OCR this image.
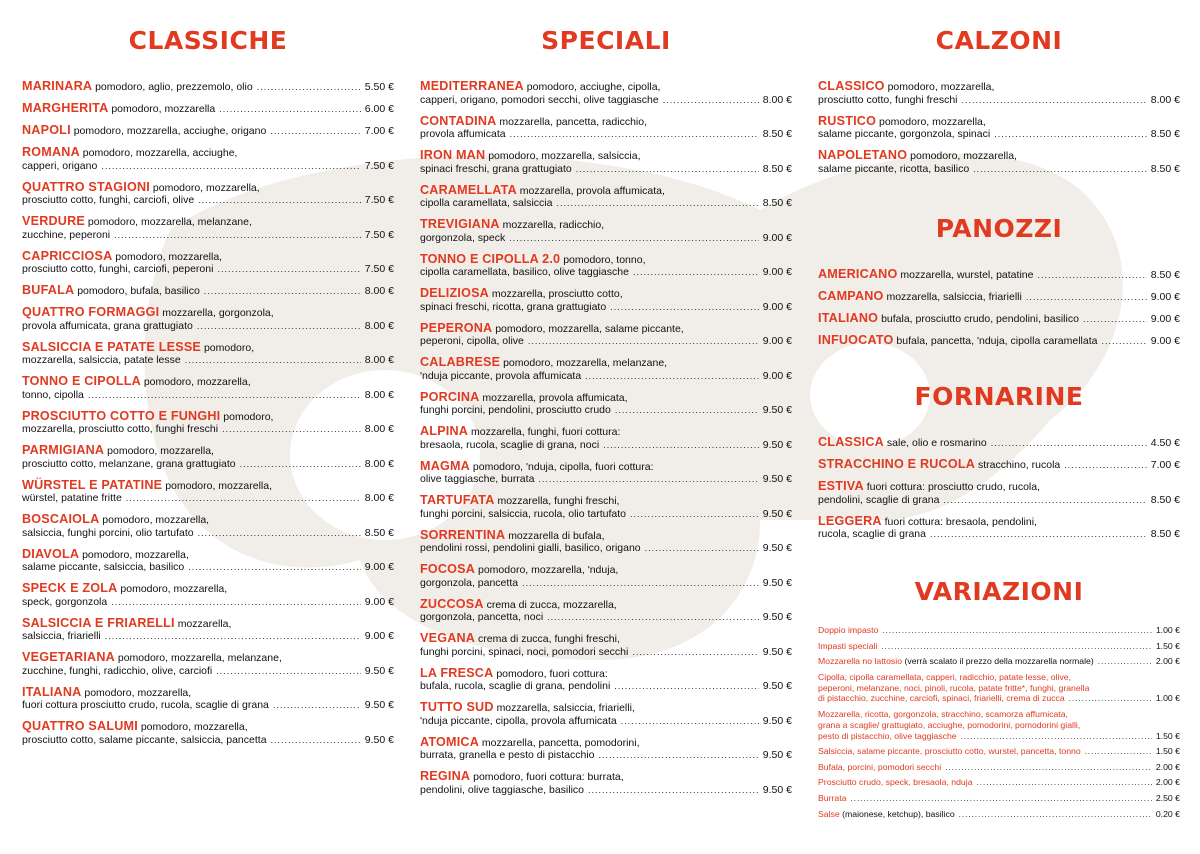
CLASSICHE
MARINARA
pomodoro, aglio, prezzemolo, olio .....	5.50 €
MARGHERITA
pomodoro, mozzarella .....	6.00 €
NAPOLI
pomodoro, mozzarella, acciughe, origano .....	7.00 €
ROMANA pomodoro, mozzarella, acciughe,
capperi, origano .....	7.50 €
QUATTRO STAGIONI pomodoro, mozzarella,
prosciutto cotto, funghi, carciofi, olive .....	7.50 €
VERDURE pomodoro, mozzarella, melanzane,
zucchine, peperoni .....	7.50 €
CAPRICCIOSA pomodoro, mozzarella,
prosciutto cotto, funghi, carciofi, peperoni .....	7.50 €
BUFALA
pomodoro, bufala, basilico .....	8.00 €
QUATTRO FORMAGGI mozzarella, gorgonzola,
provola affumicata, grana grattugiato .....	8.00 €
SALSICCIA E PATATE LESSE pomodoro,
mozzarella, salsiccia, patate lesse .....	8.00 €
TONNO E CIPOLLA pomodoro, mozzarella,
tonno, cipolla .....	8.00 €
PROSCIUTTO COTTO E FUNGHI pomodoro,
mozzarella, prosciutto cotto, funghi freschi .....	8.00 €
PARMIGIANA pomodoro, mozzarella,
prosciutto cotto, melanzane, grana grattugiato .....	8.00 €
WÜRSTEL E PATATINE pomodoro, mozzarella,
würstel, patatine fritte .....	8.00 €
BOSCAIOLA pomodoro, mozzarella,
salsiccia, funghi porcini, olio tartufato .....	8.50 €
DIAVOLA pomodoro, mozzarella,
salame piccante, salsiccia, basilico .....	9.00 €
SPECK E ZOLA pomodoro, mozzarella,
speck, gorgonzola .....	9.00 €
SALSICCIA E FRIARELLI mozzarella,
salsiccia, friarielli .....	9.00 €
VEGETARIANA pomodoro, mozzarella, melanzane,
zucchine, funghi, radicchio, olive, carciofi .....	9.50 €
ITALIANA pomodoro, mozzarella,
fuori cottura prosciutto crudo, rucola, scaglie di grana .....	9.50 €
QUATTRO SALUMI pomodoro, mozzarella,
prosciutto cotto, salame piccante, salsiccia, pancetta .....	9.50 €
SPECIALI
MEDITERRANEA pomodoro, acciughe, cipolla,
capperi, origano, pomodori secchi, olive taggiasche .....	8.00 €
CONTADINA mozzarella, pancetta, radicchio,
provola affumicata .....	8.50 €
IRON MAN pomodoro, mozzarella, salsiccia,
spinaci freschi, grana grattugiato .....	8.50 €
CARAMELLATA mozzarella, provola affumicata,
cipolla caramellata, salsiccia .....	8.50 €
TREVIGIANA mozzarella, radicchio,
gorgonzola, speck .....	9.00 €
TONNO E CIPOLLA 2.0 pomodoro, tonno,
cipolla caramellata, basilico, olive taggiasche .....	9.00 €
DELIZIOSA mozzarella, prosciutto cotto,
spinaci freschi, ricotta, grana grattugiato .....	9.00 €
PEPERONA pomodoro, mozzarella, salame piccante,
peperoni, cipolla, olive .....	9.00 €
CALABRESE pomodoro, mozzarella, melanzane,
'nduja piccante, provola affumicata .....	9.00 €
PORCINA mozzarella, provola affumicata,
funghi porcini, pendolini, prosciutto crudo .....	9.50 €
ALPINA mozzarella, funghi, fuori cottura:
bresaola, rucola, scaglie di grana, noci .....	9.50 €
MAGMA pomodoro, 'nduja, cipolla, fuori cottura:
olive taggiasche, burrata .....	9.50 €
TARTUFATA mozzarella, funghi freschi,
funghi porcini, salsiccia, rucola, olio tartufato .....	9.50 €
SORRENTINA mozzarella di bufala,
pendolini rossi, pendolini gialli, basilico, origano .....	9.50 €
FOCOSA pomodoro, mozzarella, 'nduja,
gorgonzola, pancetta .....	9.50 €
ZUCCOSA crema di zucca, mozzarella,
gorgonzola, pancetta, noci .....	9.50 €
VEGANA crema di zucca, funghi freschi,
funghi porcini, spinaci, noci, pomodori secchi .....	9.50 €
LA FRESCA pomodoro, fuori cottura:
bufala, rucola, scaglie di grana, pendolini .....	9.50 €
TUTTO SUD mozzarella, salsiccia, friarielli,
'nduja piccante, cipolla, provola affumicata .....	9.50 €
ATOMICA mozzarella, pancetta, pomodorini,
burrata, granella e pesto di pistacchio .....	9.50 €
REGINA pomodoro, fuori cottura: burrata,
pendolini, olive taggiasche, basilico .....	9.50 €
CALZONI
CLASSICO pomodoro, mozzarella,
prosciutto cotto, funghi freschi .....	8.00 €
RUSTICO pomodoro, mozzarella,
salame piccante, gorgonzola, spinaci .....	8.50 €
NAPOLETANO pomodoro, mozzarella,
salame piccante, ricotta, basilico .....	8.50 €
PANOZZI
AMERICANO
mozzarella, wurstel, patatine .....	8.50 €
CAMPANO
mozzarella, salsiccia, friarielli .....	9.00 €
ITALIANO
bufala, prosciutto crudo, pendolini, basilico .....	9.00 €
INFUOCATO
bufala, pancetta, 'nduja, cipolla caramellata .....	9.00 €
FORNARINE
CLASSICA
sale, olio e rosmarino .....	4.50 €
STRACCHINO E RUCOLA
stracchino, rucola .....	7.00 €
ESTIVA fuori cottura: prosciutto crudo, rucola,
pendolini, scaglie di grana .....	8.50 €
LEGGERA fuori cottura: bresaola, pendolini,
rucola, scaglie di grana .....	8.50 €
VARIAZIONI
Doppio impasto .....	1.00 €
Impasti speciali .....	1.50 €
Mozzarella no lattosio
(verrà scalato il prezzo della mozzarella normale) .....	2.00 €
Cipolla, cipolla caramellata, capperi, radicchio, patate lesse, olive,
peperoni, melanzane, noci, pinoli, rucola, patate fritte*, funghi, granella
di pistacchio, zucchine, carciofi, spinaci, friarielli, crema di zucca .....	1.00 €
Mozzarella, ricotta, gorgonzola, stracchino, scamorza affumicata,
grana a scaglie/ grattugiato, acciughe, pomodorini, pomodorini gialli,
pesto di pistacchio, olive taggiasche .....	1.50 €
Salsiccia, salame piccante, prosciutto cotto, wurstel, pancetta, tonno .....	1.50 €
Bufala, porcini, pomodori secchi .....	2.00 €
Prosciutto crudo, speck, bresaola, nduja .....	2.00 €
Burrata .....	2.50 €
Salse
(maionese, ketchup), basilico .....	0.20 €
